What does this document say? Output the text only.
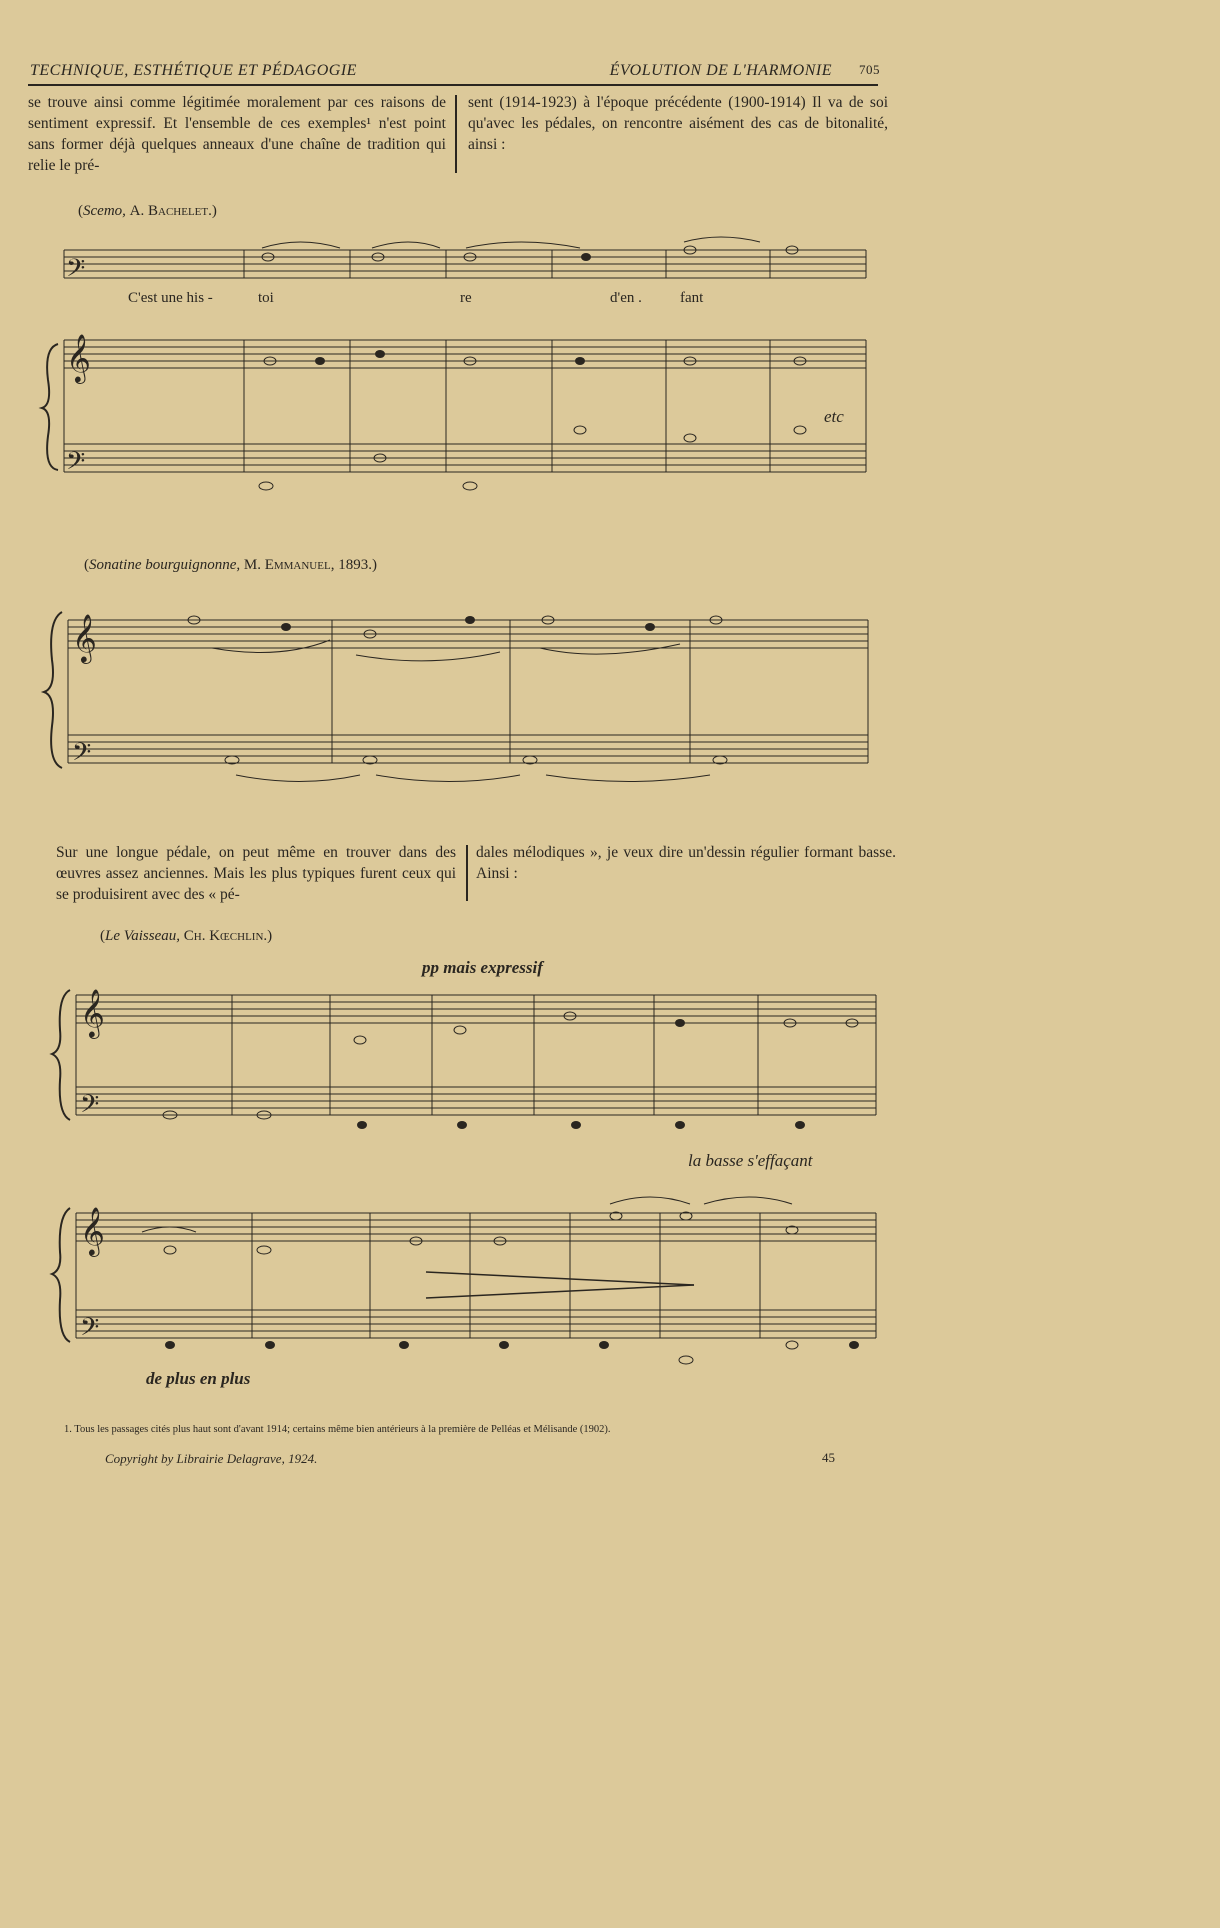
TECHNIQUE, ESTHÉTIQUE ET PÉDAGOGIE	ÉVOLUTION DE L'HARMONIE 705
se trouve ainsi comme légitimée moralement par ces raisons de sentiment expressif. Et l'ensemble de ces exemples¹ n'est point sans former déjà quelques anneaux d'une chaîne de tradition qui relie le pré-
sent (1914-1923) à l'époque précédente (1900-1914) Il va de soi qu'avec les pédales, on rencontre aisément des cas de bitonalité, ainsi :
(Scemo, A. Bachelet.)
C'est une his -	toi	re	d'en .	fant
etc
(Sonatine bourguignonne, M. Emmanuel, 1893.)
Sur une longue pédale, on peut même en trouver dans des œuvres assez anciennes. Mais les plus typiques furent ceux qui se produisirent avec des « pé-
dales mélodiques », je veux dire un'dessin régulier formant basse. Ainsi :
(Le Vaisseau, Ch. Kœchlin.)
pp mais expressif
la basse s'effaçant
de plus en plus
𝄢
𝄞
𝄢
𝄞
𝄢
𝄞
𝄢
𝄞
𝄢
1. Tous les passages cités plus haut sont d'avant 1914; certains même bien antérieurs à la première de Pelléas et Mélisande (1902).
Copyright by Librairie Delagrave, 1924.	45
